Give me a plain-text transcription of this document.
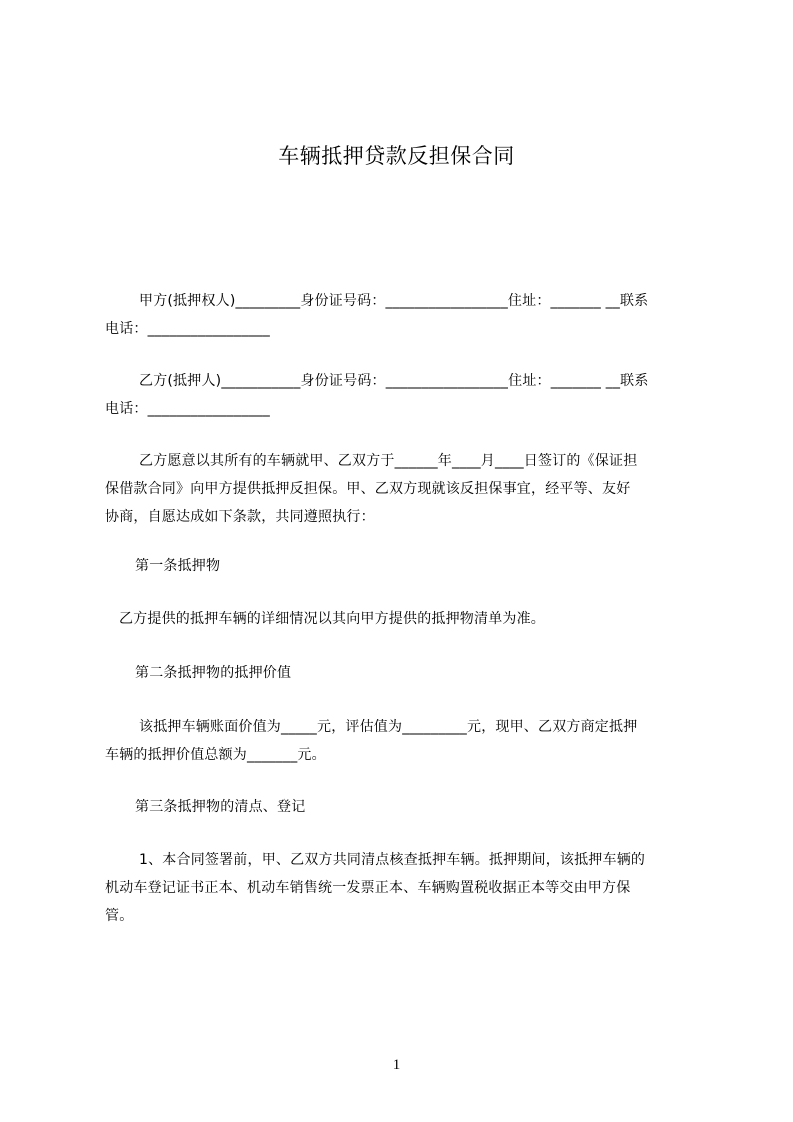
车辆抵押贷款反担保合同
甲方(抵押权人)_________身份证号码：_________________住址：_______ __联系
电话：_________________
乙方(抵押人)___________身份证号码：_________________住址：_______ __联系
电话：_________________
乙方愿意以其所有的车辆就甲、乙双方于______年____月____日签订的《保证担
保借款合同》向甲方提供抵押反担保。甲、乙双方现就该反担保事宜，经平等、友好
协商，自愿达成如下条款，共同遵照执行：
第一条抵押物
乙方提供的抵押车辆的详细情况以其向甲方提供的抵押物清单为准。
第二条抵押物的抵押价值
该抵押车辆账面价值为_____元，评估值为_________元，现甲、乙双方商定抵押
车辆的抵押价值总额为_______元。
第三条抵押物的清点、登记
1、本合同签署前，甲、乙双方共同清点核查抵押车辆。抵押期间，该抵押车辆的
机动车登记证书正本、机动车销售统一发票正本、车辆购置税收据正本等交由甲方保
管。
1
